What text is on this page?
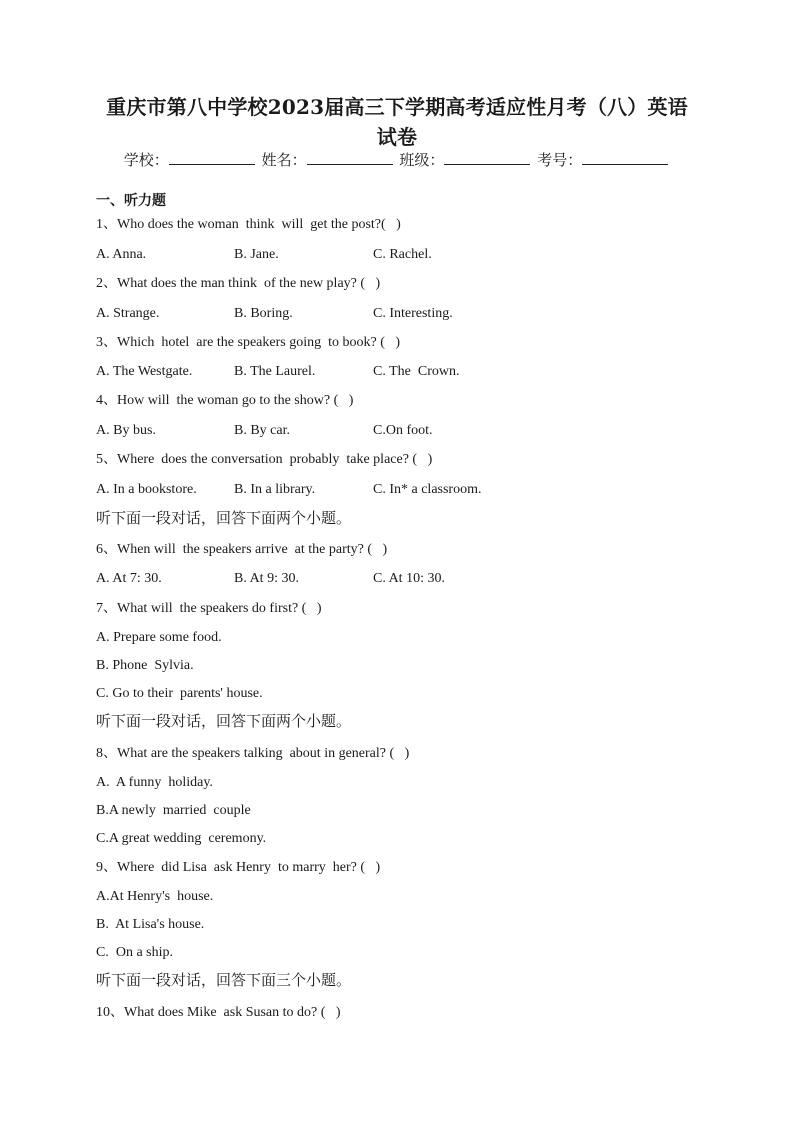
重庆市第八中学校2023届高三下学期高考适应性月考（八）英语试卷
学校：	姓名：	班级：	考号：
一、听力题
1、Who does the woman  think  will  get the post?(   )
A. Anna.	B. Jane.	C. Rachel.
2、What does the man think  of the new play? (   )
A. Strange.	B. Boring.	C. Interesting.
3、Which  hotel  are the speakers going  to book? (   )
A. The Westgate.	B. The Laurel.	C. The  Crown.
4、How will  the woman go to the show? (   )
A. By bus.	B. By car.	C.On foot.
5、Where  does the conversation  probably  take place? (   )
A. In a bookstore.	B. In a library.	C. In* a classroom.
听下面一段对话，回答下面两个小题。
6、When will  the speakers arrive  at the party? (   )
A. At 7: 30.	B. At 9: 30.	C. At 10: 30.
7、What will  the speakers do first? (   )
A. Prepare some food.
B. Phone  Sylvia.
C. Go to their  parents' house.
听下面一段对话，回答下面两个小题。
8、What are the speakers talking  about in general? (   )
A.  A funny  holiday.
B.A newly  married  couple
C.A great wedding  ceremony.
9、Where  did Lisa  ask Henry  to marry  her? (   )
A.At Henry's  house.
B.  At Lisa's house.
C.  On a ship.
听下面一段对话，回答下面三个小题。
10、What does Mike  ask Susan to do? (   )
